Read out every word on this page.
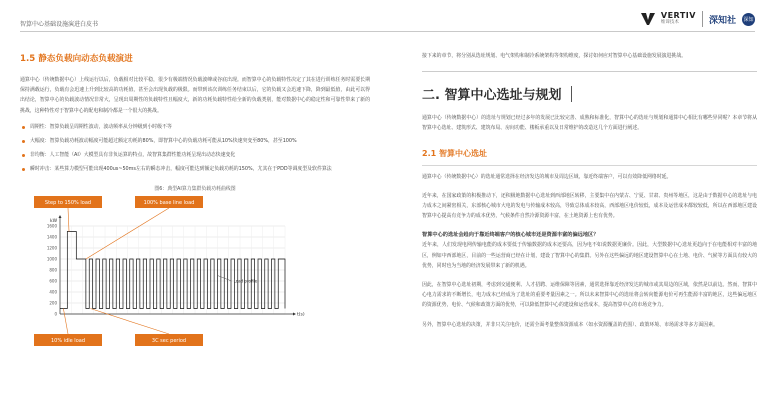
智算中心基础设施演进白皮书
VERTIV
维谛技术	深知社 深知
1.5 静态负载向动态负载演进

通算中心（传统数据中心）上线运行以后，负载相对比较平稳，很少有极端情况负载波峰或谷底出现。而智算中心的负载特性决定了其在进行训练任务时需要长期保持满载运行，负载有会迅速上升到比较高的功耗值，甚至会出现负载的极限。而带到该次训练任务结束以后，它的负载又会迅速下降，降到最低值，由此可以得出结论，智算中心的负载波动情况非常大，呈现出周期性的负载特性且幅度大，新的功耗负载特性给全新的负载类别，能对数据中心的稳定性和可靠性带来了新的挑战，这种特性对于智算中心的配电和制冷都是一个很大的挑战。

周期性：智算负载呈周期性波动，波动频率从分钟级到小时级不等
大幅度：智算负载功耗波动幅度可能超过额定功耗的80%，即智算中心的负载功耗可能从10%快速突变至80%，甚至100%
非均衡：人工智能（AI）大模型具有非负运算的特点，故智算集群性能功耗呈现出动态快速变化
瞬时冲击：某些算力模型可能出现400us~50ms左右的瞬态冲击，幅度可能达到额定负载功耗的150%，尤其在于PDD等调度型及软件算法
图6：典型AI算力集群负载功耗曲线图
1600
1400
1200
1000
800
600
400
200
0
kW
t(s)
Load profile
Step to 150% load	100% base line load
10% idle load	3C sec period

接下来的章节，将分别从选址规划、电气架构和制冷系统架构等架构维度，探讨如何应对智算中心基础设施发展演进挑战。

二. 智算中心选址与规划

通算中心（传统数据中心）的选址与规划已经过多年的发展已比较完善、成熟和标准化，智算中心的选址与规划和通算中心相比有哪些异同呢？本章节将从智算中心选址、建筑形式、建筑布局、房间功能、楼板承重以及日常维护的改造这几个方面进行阐述。

2.1 智算中心选址

通算中心（传统数据中心）的选址通常选择在经济发达的城市及周边区域，靠近终端客户，可以有效降低网络时延。

近年来，在国家政策的积极推动下，还积极地数据中心选址到西部地区转移，主要集中在内蒙古、宁夏、甘肃、贵州等地区，这是由于数据中心的选址与电力成本之间紧密相关，东部核心城市大电的发电与传输成本较高，导致总体成本较高，西部地区电价较低，成本及运营成本都较较低，所以在西部地区建设智算中心提高有竞争力的成本优势，气候条件自然冷源资源丰富，在土地资源上也有优势。

智算中心的选址会趋向于靠近终端客户的核心城市还是资源丰富的偏远地区？

近年来，人们发现电网传输电能的成本要低于传输数据的成本还要高，因为电不如说数据更廉价。因此，大型数据中心选址更趋向于在电能相对丰富的地区，例如中西部地区，目前的一些运营商已经在计划，建设了智算中心的集群。另外在这些偏远的地区建设智算中心在土地、电价、气候等方面具有较大的优势，同时也为当地的经济发展带来了新的机遇。

因此，在智算中心选址初期，考虑到交通便利、人才招聘、运维保障等因素，通常选择靠近经济发达的城市或其周边的区域，依然是以前边。然而，智算中心电力需求的不断增长，电力成本已经成为了选址的重要考量因素之一。所以未来智算中心的选址将会转向能源电价可再生能源丰富的地区，这些偏远地区的资源优势，电价、气候和政策方面的优势，可以降低智算中心的建设和运营成本，提高智算中心的市场竞争力。

另外，智算中心选址的决策，并非只关注电价，还需全面考量整体资源成本（如水资源覆盖的范围）、政策环境、市场需求等多方面因素。
